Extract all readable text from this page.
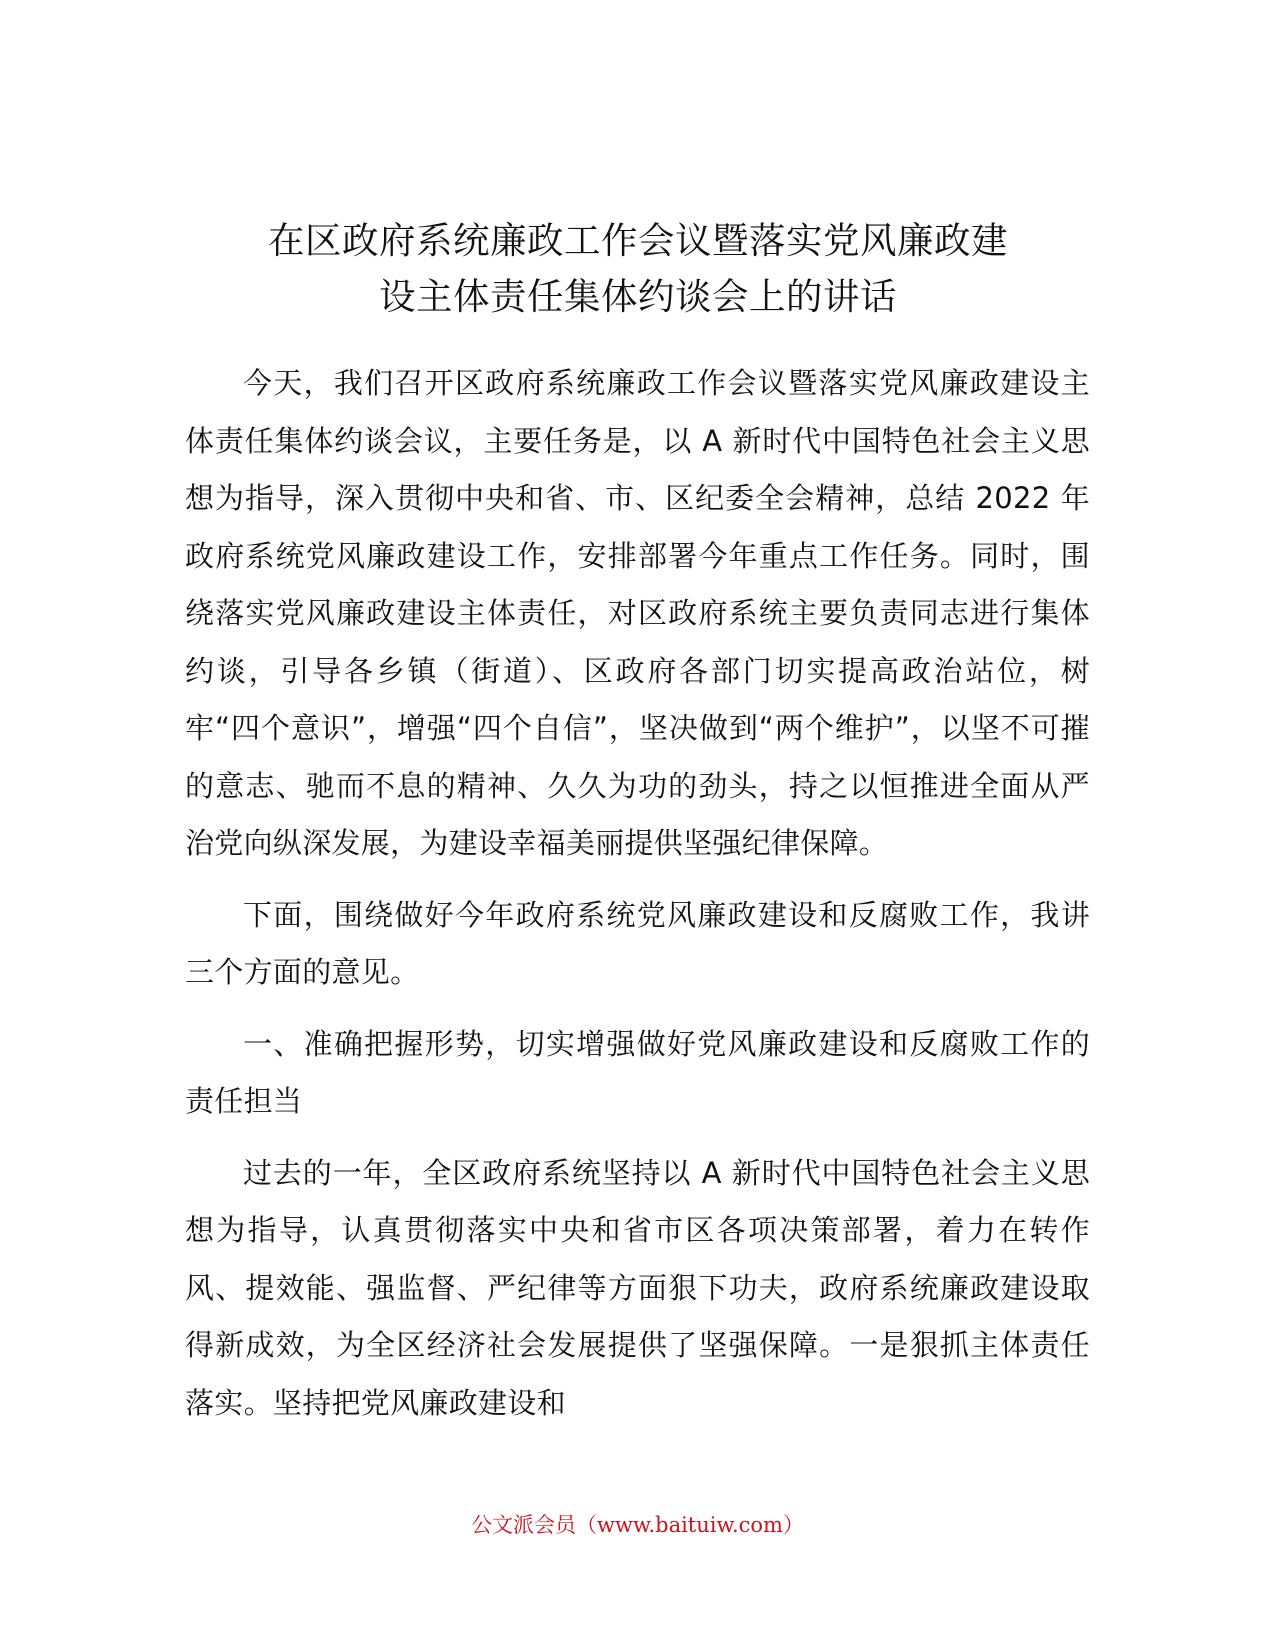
在区政府系统廉政工作会议暨落实党风廉政建
设主体责任集体约谈会上的讲话

今天，我们召开区政府系统廉政工作会议暨落实党风廉政建设主体责任集体约谈会议，主要任务是，以 A 新时代中国特色社会主义思想为指导，深入贯彻中央和省、市、区纪委全会精神，总结 2022 年政府系统党风廉政建设工作，安排部署今年重点工作任务。同时，围绕落实党风廉政建设主体责任，对区政府系统主要负责同志进行集体约谈，引导各乡镇（街道）、区政府各部门切实提高政治站位，树牢“四个意识”，增强“四个自信”，坚决做到“两个维护”，以坚不可摧的意志、驰而不息的精神、久久为功的劲头，持之以恒推进全面从严治党向纵深发展，为建设幸福美丽提供坚强纪律保障。

下面，围绕做好今年政府系统党风廉政建设和反腐败工作，我讲三个方面的意见。

一、准确把握形势，切实增强做好党风廉政建设和反腐败工作的责任担当

过去的一年，全区政府系统坚持以 A 新时代中国特色社会主义思想为指导，认真贯彻落实中央和省市区各项决策部署，着力在转作风、提效能、强监督、严纪律等方面狠下功夫，政府系统廉政建设取得新成效，为全区经济社会发展提供了坚强保障。一是狠抓主体责任落实。坚持把党风廉政建设和

公文派会员（www.baituiw.com）
